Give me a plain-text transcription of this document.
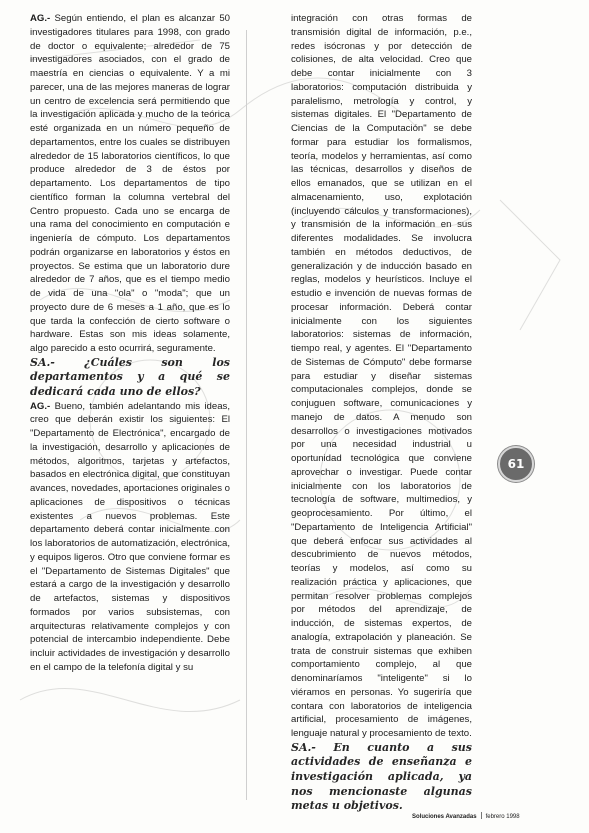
AG.- Según entiendo, el plan es alcanzar 50 investigadores titulares para 1998, con grado de doctor o equivalente; alrededor de 75 investigadores asociados, con el grado de maestría en ciencias o equivalente. Y a mi parecer, una de las mejores maneras de lograr un centro de excelencia será permitiendo que la investigación aplicada y mucho de la teórica esté organizada en un número pequeño de departamentos, entre los cuales se distribuyen alrededor de 15 laboratorios científicos, lo que produce alrededor de 3 de éstos por departamento. Los departamentos de tipo científico forman la columna vertebral del Centro propuesto. Cada uno se encarga de una rama del conocimiento en computación e ingeniería de cómputo. Los departamentos podrán organizarse en laboratorios y éstos en proyectos. Se estima que un laboratorio dure alrededor de 7 años, que es el tiempo medio de vida de una "ola" o "moda"; que un proyecto dure de 6 meses a 1 año, que es lo que tarda la confección de cierto software o hardware. Estas son mis ideas solamente, algo parecido a esto ocurrirá, seguramente.

SA.- ¿Cuáles son los departamentos y a qué se dedicará cada uno de ellos?

AG.- Bueno, también adelantando mis ideas, creo que deberán existir los siguientes: El "Departamento de Electrónica", encargado de la investigación, desarrollo y aplicaciones de métodos, algoritmos, tarjetas y artefactos, basados en electrónica digital, que constituyan avances, novedades, aportaciones originales o aplicaciones de dispositivos o técnicas existentes a nuevos problemas. Este departamento deberá contar inicialmente con los laboratorios de automatización, electrónica, y equipos ligeros. Otro que conviene formar es el "Departamento de Sistemas Digitales" que estará a cargo de la investigación y desarrollo de artefactos, sistemas y dispositivos formados por varios subsistemas, con arquitecturas relativamente complejos y con potencial de intercambio independiente. Debe incluir actividades de investigación y desarrollo en el campo de la telefonía digital y su

integración con otras formas de transmisión digital de información, p.e., redes isócronas y por detección de colisiones, de alta velocidad. Creo que debe contar inicialmente con 3 laboratorios: computación distribuida y paralelismo, metrología y control, y sistemas digitales. El "Departamento de Ciencias de la Computación" se debe formar para estudiar los formalismos, teoría, modelos y herramientas, así como las técnicas, desarrollos y diseños de ellos emanados, que se utilizan en el almacenamiento, uso, explotación (incluyendo cálculos y transformaciones), y transmisión de la información en sus diferentes modalidades. Se involucra también en métodos deductivos, de generalización y de inducción basado en reglas, modelos y heurísticos. Incluye el estudio e invención de nuevas formas de procesar información. Deberá contar inicialmente con los siguientes laboratorios: sistemas de información, tiempo real, y agentes. El "Departamento de Sistemas de Cómputo" debe formarse para estudiar y diseñar sistemas computacionales complejos, donde se conjuguen software, comunicaciones y manejo de datos. A menudo son desarrollos o investigaciones motivados por una necesidad industrial u oportunidad tecnológica que conviene aprovechar o investigar. Puede contar inicialmente con los laboratorios de tecnología de software, multimedios, y geoprocesamiento. Por último, el "Departamento de Inteligencia Artificial" que deberá enfocar sus actividades al descubrimiento de nuevos métodos, teorías y modelos, así como su realización práctica y aplicaciones, que permitan resolver problemas complejos por métodos del aprendizaje, de inducción, de sistemas expertos, de analogía, extrapolación y planeación. Se trata de construir sistemas que exhiben comportamiento complejo, al que denominaríamos "inteligente" si lo viéramos en personas. Yo sugeriría que contara con laboratorios de inteligencia artificial, procesamiento de imágenes, lenguaje natural y procesamiento de texto.

SA.- En cuanto a sus actividades de enseñanza e investigación aplicada, ya nos mencionaste algunas metas u objetivos.

61
Soluciones Avanzadas febrero 1998
